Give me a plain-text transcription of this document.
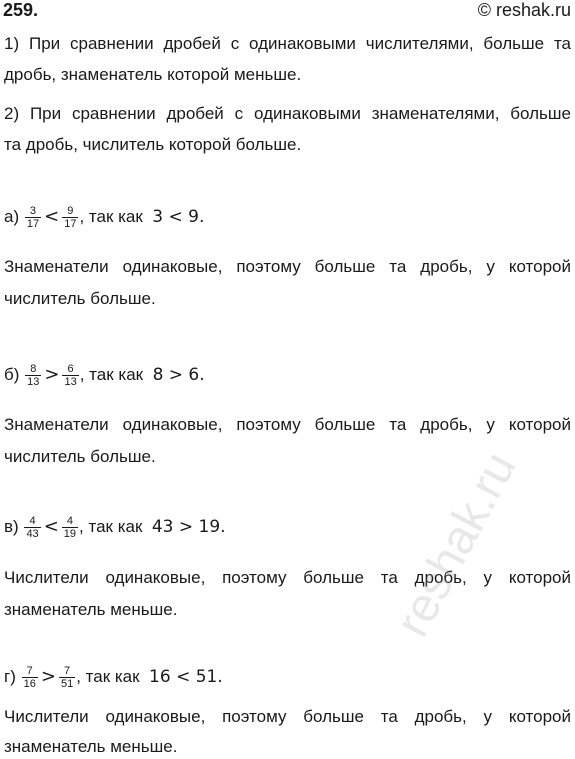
259.	© reshak.ru
1) При сравнении дробей с одинаковыми числителями, больше та
дробь, знаменатель которой меньше.
2) При сравнении дробей с одинаковыми знаменателями, больше
та дробь, числитель которой больше.
$а) \frac{3}{17} < \frac{9}{17}$ , так как 3 < 9.
Знаменатели одинаковые, поэтому больше та дробь, у которой
числитель больше.
$б) \frac{8}{13} > \frac{6}{13}$ , так как 8 > 6.
Знаменатели одинаковые, поэтому больше та дробь, у которой
числитель больше.
$в) \frac{4}{43} < \frac{4}{19}$ , так как 43 > 19.
Числители одинаковые, поэтому больше та дробь, у которой
знаменатель меньше.
$г) \frac{7}{16} > \frac{7}{51}$ , так как 16 < 51.
Числители одинаковые, поэтому больше та дробь, у которой
знаменатель меньше.
reshak.ru
